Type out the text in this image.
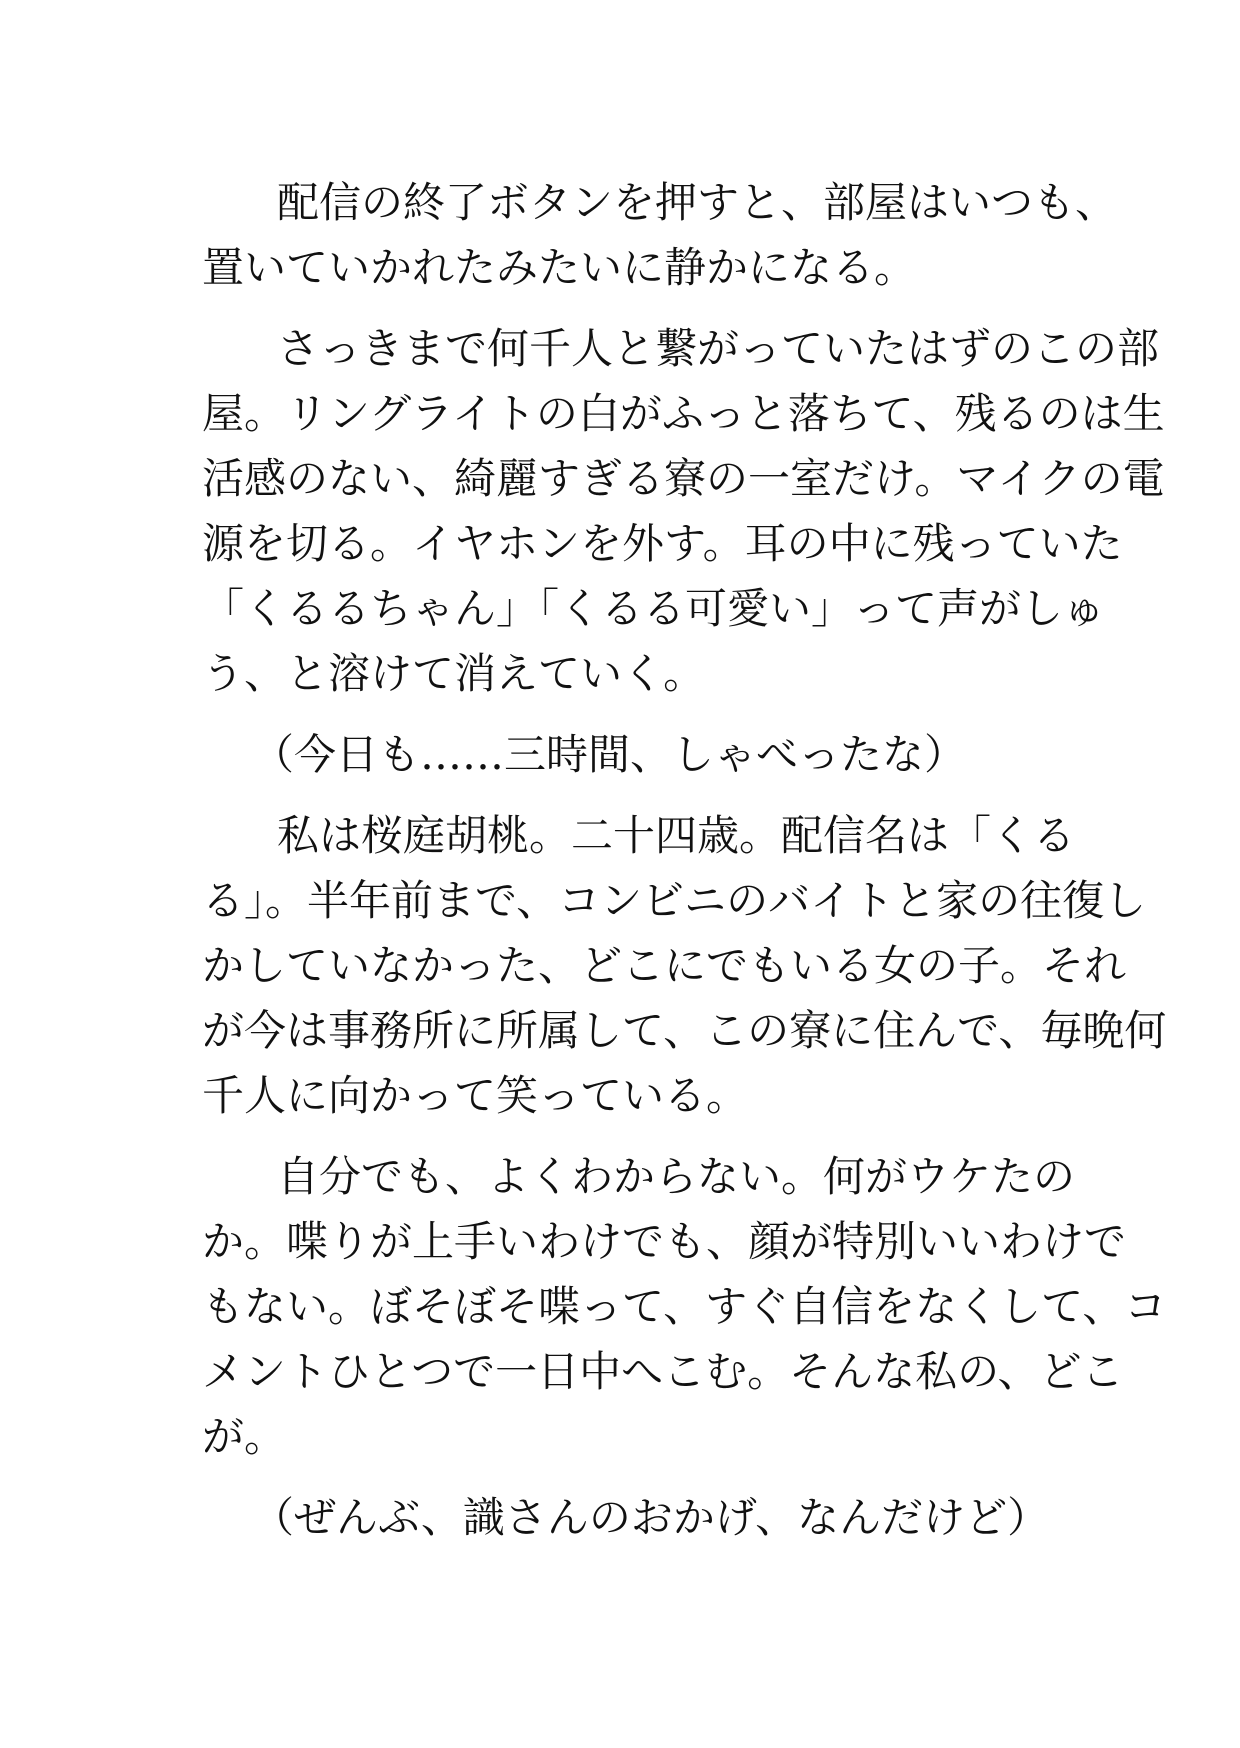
配信の終了ボタンを押すと、部屋はいつも、
置いていかれたみたいに静かになる。
さっきまで何千人と繋がっていたはずのこの部
屋。リングライトの白がふっと落ちて、残るのは生
活感のない、綺麗すぎる寮の一室だけ。マイクの電
源を切る。イヤホンを外す。耳の中に残っていた
「くるるちゃん」「くるる可愛い」って声がしゅ
う、と溶けて消えていく。
（今日も……三時間、しゃべったな）
私は桜庭胡桃。二十四歳。配信名は「くる
る」。半年前まで、コンビニのバイトと家の往復し
かしていなかった、どこにでもいる女の子。それ
が今は事務所に所属して、この寮に住んで、毎晩何
千人に向かって笑っている。
自分でも、よくわからない。何がウケたの
か。喋りが上手いわけでも、顔が特別いいわけで
もない。ぼそぼそ喋って、すぐ自信をなくして、コ
メントひとつで一日中へこむ。そんな私の、どこ
が。
（ぜんぶ、識さんのおかげ、なんだけど）
